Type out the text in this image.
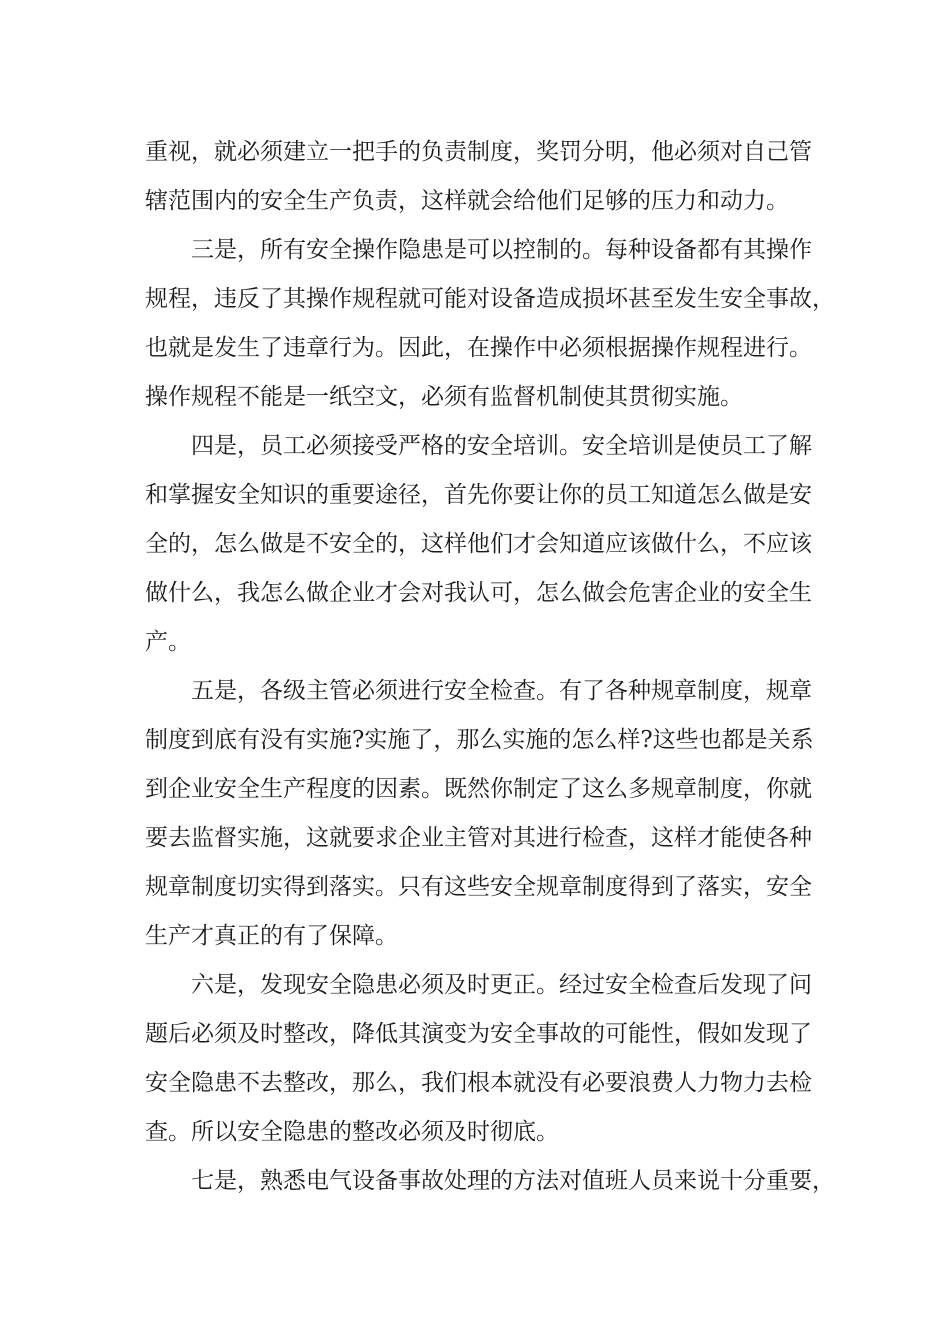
重视，就必须建立一把手的负责制度，奖罚分明，他必须对自己管

辖范围内的安全生产负责，这样就会给他们足够的压力和动力。

三是，所有安全操作隐患是可以控制的。每种设备都有其操作

规程，违反了其操作规程就可能对设备造成损坏甚至发生安全事故，

也就是发生了违章行为。因此，在操作中必须根据操作规程进行。

操作规程不能是一纸空文，必须有监督机制使其贯彻实施。

四是，员工必须接受严格的安全培训。安全培训是使员工了解

和掌握安全知识的重要途径，首先你要让你的员工知道怎么做是安

全的，怎么做是不安全的，这样他们才会知道应该做什么，不应该

做什么，我怎么做企业才会对我认可，怎么做会危害企业的安全生

产。

五是，各级主管必须进行安全检查。有了各种规章制度，规章

制度到底有没有实施?实施了，那么实施的怎么样?这些也都是关系

到企业安全生产程度的因素。既然你制定了这么多规章制度，你就

要去监督实施，这就要求企业主管对其进行检查，这样才能使各种

规章制度切实得到落实。只有这些安全规章制度得到了落实，安全

生产才真正的有了保障。

六是，发现安全隐患必须及时更正。经过安全检查后发现了问

题后必须及时整改，降低其演变为安全事故的可能性，假如发现了

安全隐患不去整改，那么，我们根本就没有必要浪费人力物力去检

查。所以安全隐患的整改必须及时彻底。

七是，熟悉电气设备事故处理的方法对值班人员来说十分重要，
